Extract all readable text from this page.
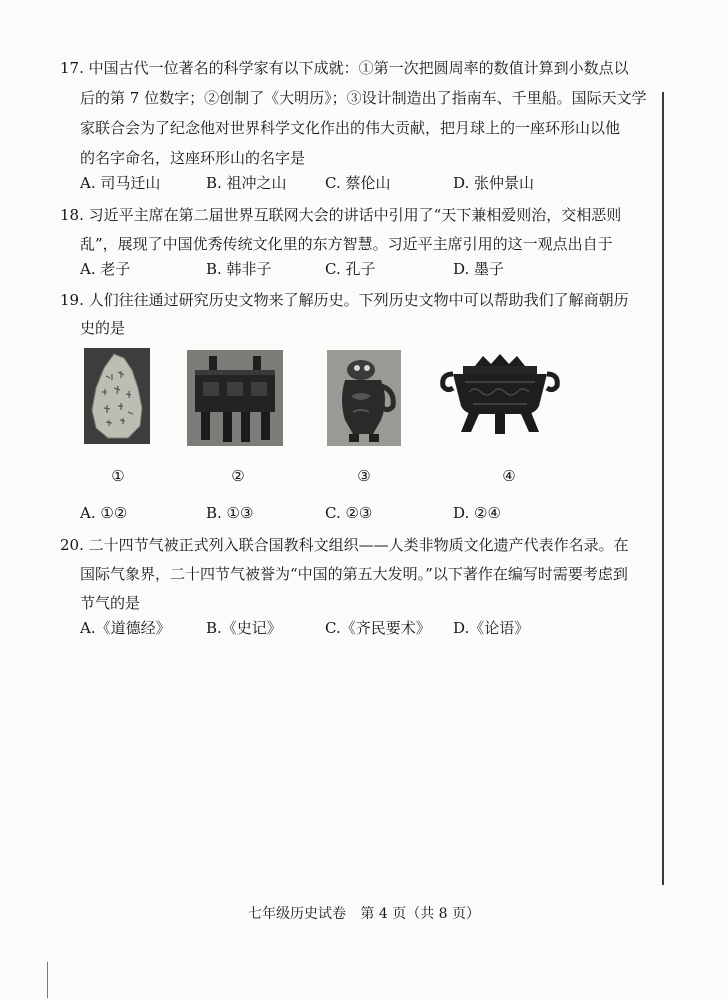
17. 中国古代一位著名的科学家有以下成就：①第一次把圆周率的数值计算到小数点以
后的第 7 位数字；②创制了《大明历》；③设计制造出了指南车、千里船。国际天文学
家联合会为了纪念他对世界科学文化作出的伟大贡献，把月球上的一座环形山以他
的名字命名，这座环形山的名字是
A. 司马迁山	B. 祖冲之山	C. 蔡伦山	D. 张仲景山
18. 习近平主席在第二届世界互联网大会的讲话中引用了“天下兼相爱则治，交相恶则
乱”，展现了中国优秀传统文化里的东方智慧。习近平主席引用的这一观点出自于
A. 老子	B. 韩非子	C. 孔子	D. 墨子
19. 人们往往通过研究历史文物来了解历史。下列历史文物中可以帮助我们了解商朝历
史的是
①	②	③	④
A. ①②	B. ①③	C. ②③	D. ②④
20. 二十四节气被正式列入联合国教科文组织——人类非物质文化遗产代表作名录。在
国际气象界，二十四节气被誉为“中国的第五大发明。”以下著作在编写时需要考虑到
节气的是
A.《道德经》 B.《史记》	C.《齐民要术》 D.《论语》
七年级历史试卷 第 4 页（共 8 页）
